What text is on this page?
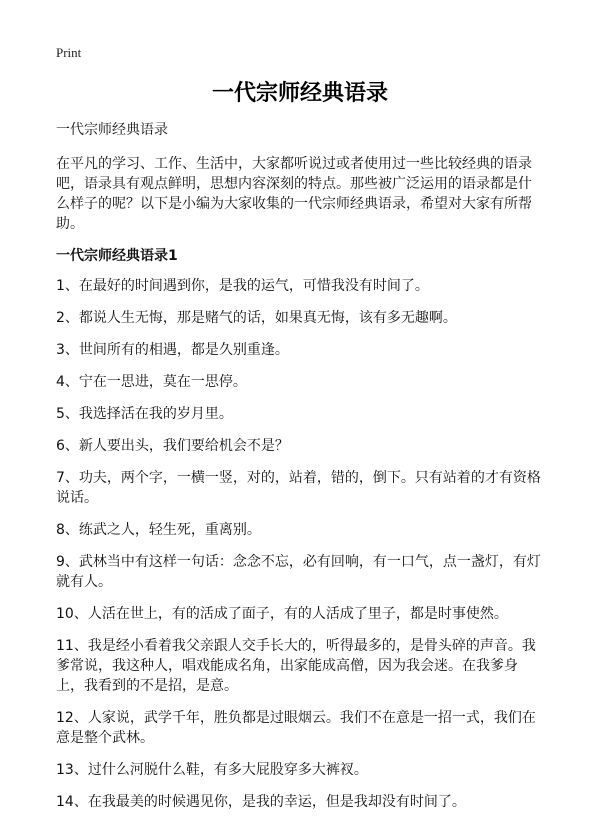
Print
一代宗师经典语录

一代宗师经典语录

在平凡的学习、工作、生活中，大家都听说过或者使用过一些比较经典的语录吧，语录具有观点鲜明，思想内容深刻的特点。那些被广泛运用的语录都是什么样子的呢？以下是小编为大家收集的一代宗师经典语录，希望对大家有所帮助。

一代宗师经典语录1

1、在最好的时间遇到你，是我的运气，可惜我没有时间了。

2、都说人生无悔，那是赌气的话，如果真无悔，该有多无趣啊。

3、世间所有的相遇，都是久别重逢。

4、宁在一思进，莫在一思停。

5、我选择活在我的岁月里。

6、新人要出头，我们要给机会不是？

7、功夫，两个字，一横一竖，对的，站着，错的，倒下。只有站着的才有资格说话。

8、练武之人，轻生死，重离别。

9、武林当中有这样一句话：念念不忘，必有回响，有一口气，点一盏灯，有灯就有人。

10、人活在世上，有的活成了面子，有的人活成了里子，都是时事使然。

11、我是经小看着我父亲跟人交手长大的，听得最多的，是骨头碎的声音。我爹常说，我这种人，唱戏能成名角，出家能成高僧，因为我会迷。在我爹身上，我看到的不是招，是意。

12、人家说，武学千年，胜负都是过眼烟云。我们不在意是一招一式，我们在意是整个武林。

13、过什么河脱什么鞋，有多大屁股穿多大裤衩。

14、在我最美的时候遇见你，是我的幸运，但是我却没有时间了。
